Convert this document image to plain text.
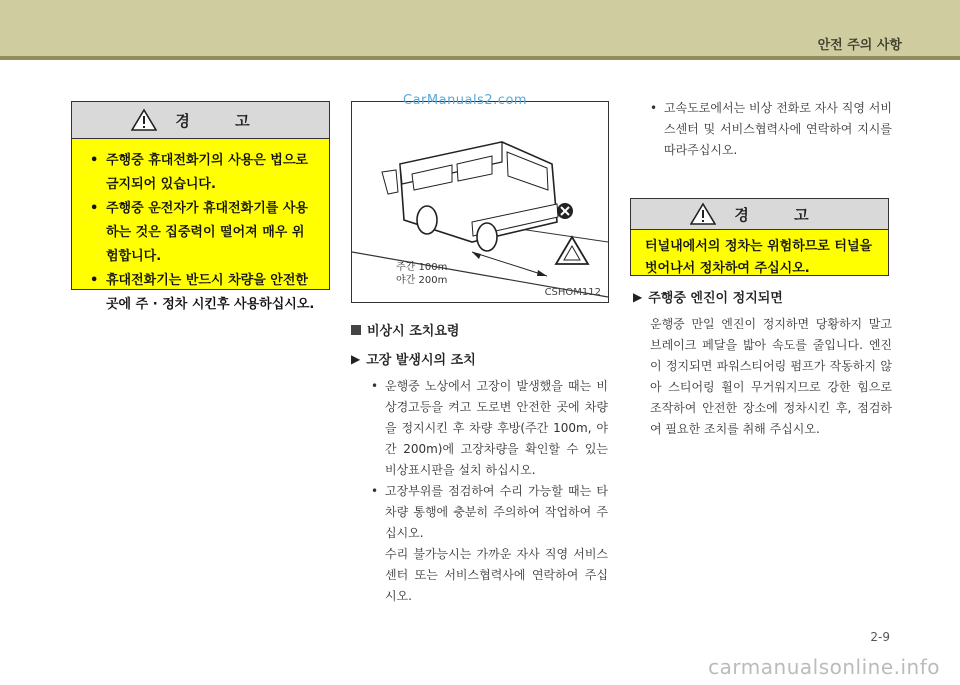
안전 주의 사항
경 고
• 주행중 휴대전화기의 사용은 법으로 금지되어 있습니다.
• 주행중 운전자가 휴대전화기를 사용하는 것은 집중력이 떨어져 매우 위험합니다.
• 휴대전화기는 반드시 차량을 안전한 곳에 주 · 정차 시킨후 사용하십시오.
주간 100m
야간 200m
CSHOM112
CarManuals2.com
비상시 조치요령
▶ 고장 발생시의 조치
• 운행중 노상에서 고장이 발생했을 때는 비상경고등을 켜고 도로변 안전한 곳에 차량을 정지시킨 후 차량 후방(주간 100m, 야간 200m)에 고장차량을 확인할 수 있는 비상표시판을 설치 하십시오.
• 고장부위를 점검하여 수리 가능할 때는 타 차량 통행에 충분히 주의하여 작업하여 주십시오.

수리 불가능시는 가까운 자사 직영 서비스센터 또는 서비스협력사에 연락하여 주십시오.

• 고속도로에서는 비상 전화로 자사 직영 서비스센터 및 서비스협력사에 연락하여 지시를 따라주십시오.
경 고

터널내에서의 정차는 위험하므로 터널을 벗어나서 정차하여 주십시오.

▶ 주행중 엔진이 정지되면

운행중 만일 엔진이 정지하면 당황하지 말고 브레이크 페달을 밟아 속도를 줄입니다. 엔진이 정지되면 파워스티어링 펌프가 작동하지 않아 스티어링 휠이 무거워지므로 강한 힘으로 조작하여 안전한 장소에 정차시킨 후, 점검하여 필요한 조치를 취해 주십시오.

2-9
carmanualsonline.info
